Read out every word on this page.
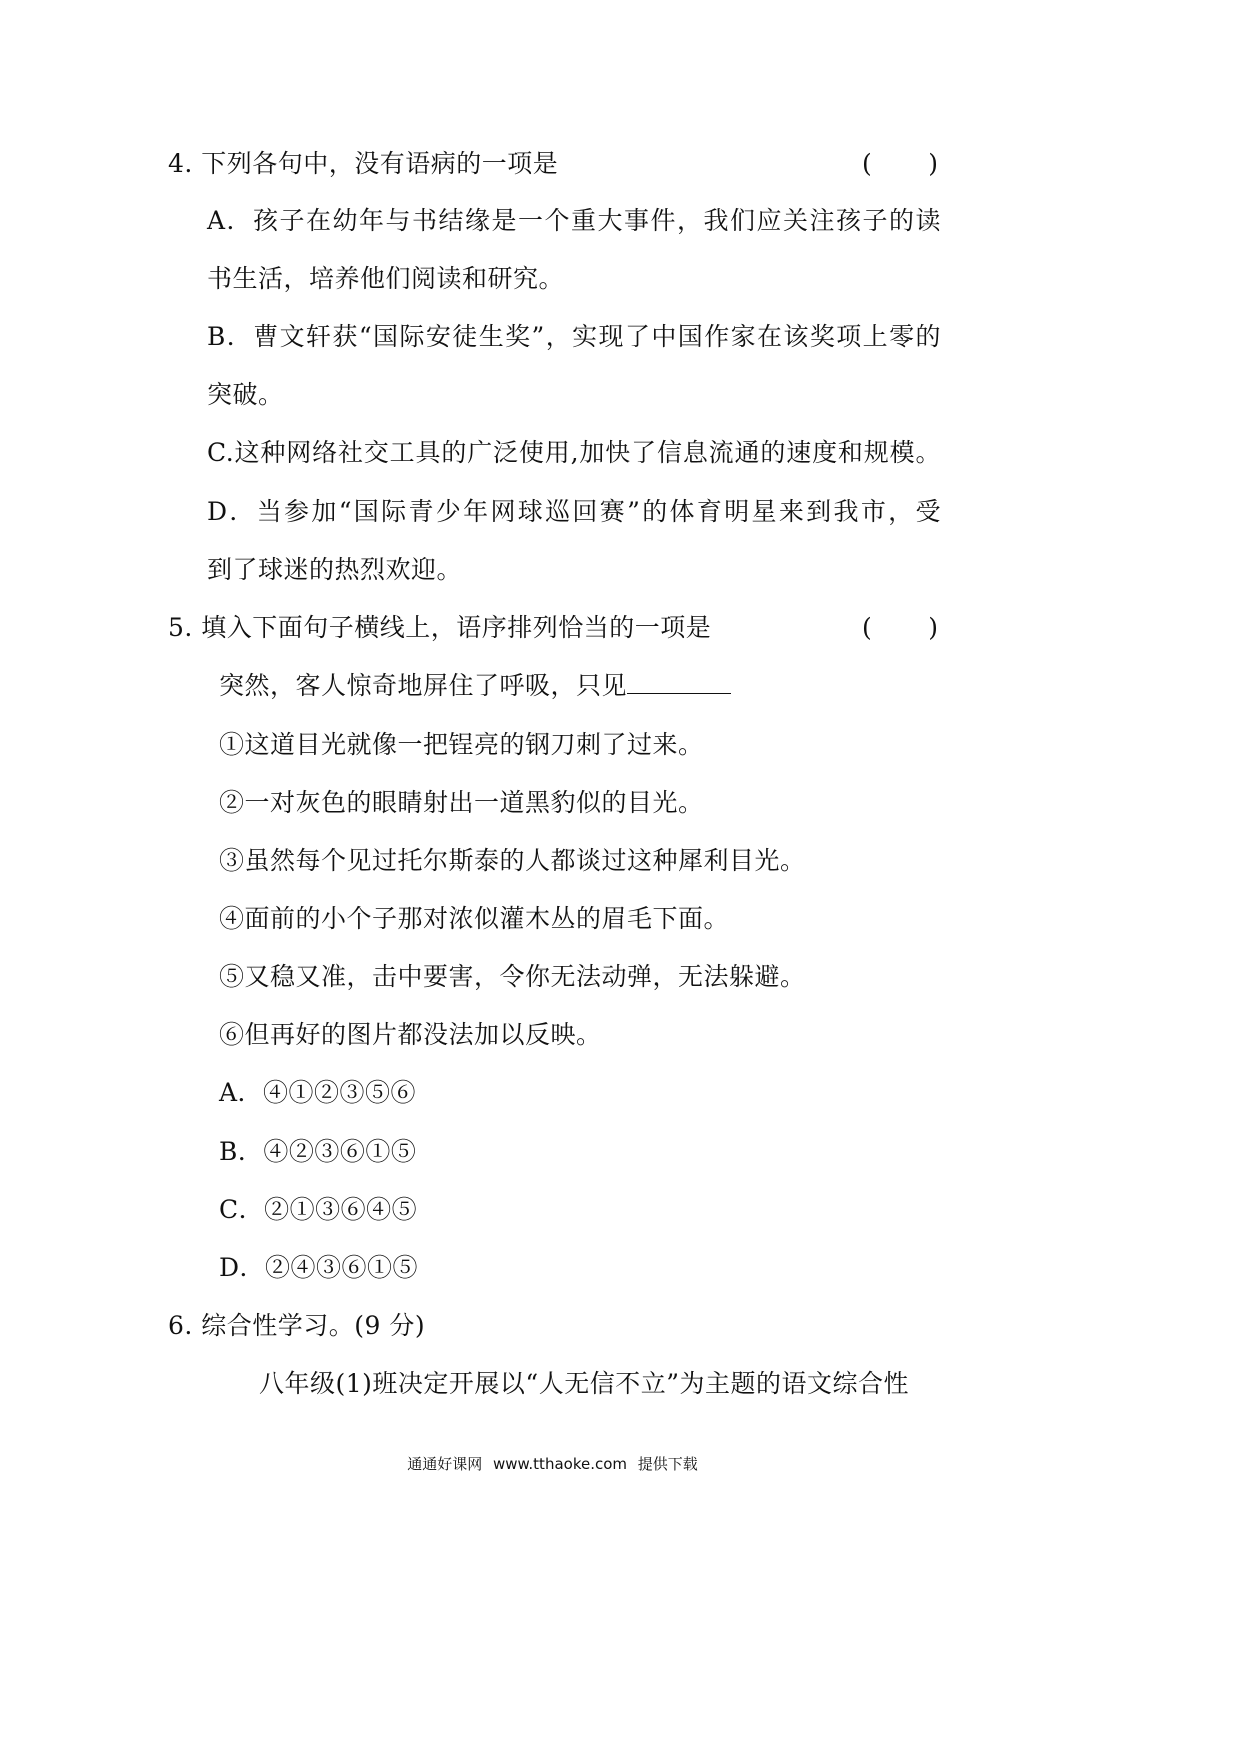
4. 下列各句中，没有语病的一项是	( )
A．孩子在幼年与书结缘是一个重大事件，我们应关注孩子的读
书生活，培养他们阅读和研究。
B．曹文轩获“国际安徒生奖”，实现了中国作家在该奖项上零的
突破。
C.这种网络社交工具的广泛使用,加快了信息流通的速度和规模。
D．当参加“国际青少年网球巡回赛”的体育明星来到我市，受
到了球迷的热烈欢迎。
5. 填入下面句子横线上，语序排列恰当的一项是	( )
突然，客人惊奇地屏住了呼吸，只见
①这道目光就像一把锃亮的钢刀刺了过来。
②一对灰色的眼睛射出一道黑豹似的目光。
③虽然每个见过托尔斯泰的人都谈过这种犀利目光。
④面前的小个子那对浓似灌木丛的眉毛下面。
⑤又稳又准，击中要害，令你无法动弹，无法躲避。
⑥但再好的图片都没法加以反映。
A．④①②③⑤⑥
B．④②③⑥①⑤
C．②①③⑥④⑤
D．②④③⑥①⑤
6. 综合性学习。(9 分)
八年级(1)班决定开展以“人无信不立”为主题的语文综合性
通通好课网 www.tthaoke.com 提供下载
